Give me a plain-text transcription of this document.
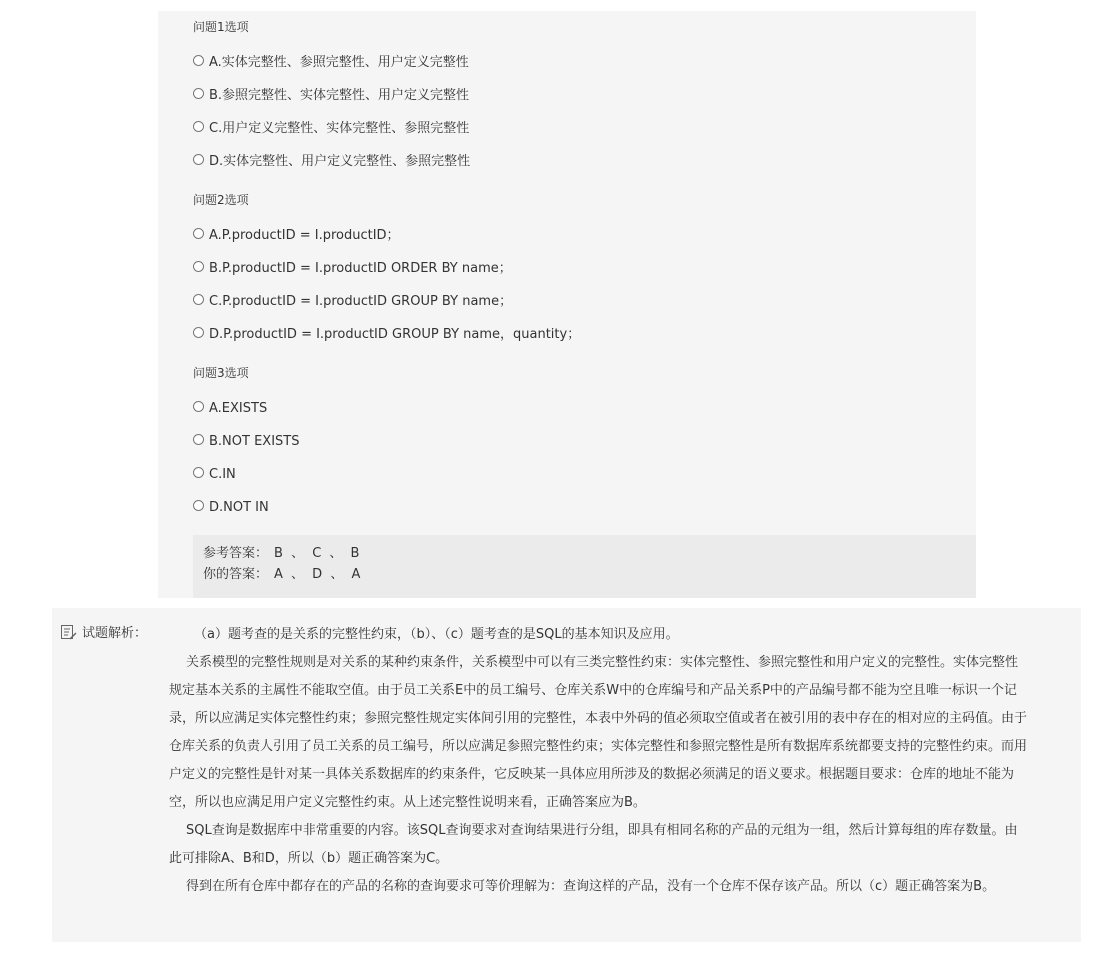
问题1选项
A.实体完整性、参照完整性、用户定义完整性
B.参照完整性、实体完整性、用户定义完整性
C.用户定义完整性、实体完整性、参照完整性
D.实体完整性、用户定义完整性、参照完整性
问题2选项
A.P.productID = I.productID；
B.P.productID = I.productID ORDER BY name；
C.P.productID = I.productID GROUP BY name；
D.P.productID = I.productID GROUP BY name，quantity；
问题3选项
A.EXISTS
B.NOT EXISTS
C.IN
D.NOT IN
参考答案： B 、 C 、 B
你的答案： A 、 D 、 A
试题解析：	（a）题考查的是关系的完整性约束，（b）、（c）题考查的是SQL的基本知识及应用。

关系模型的完整性规则是对关系的某种约束条件，关系模型中可以有三类完整性约束：实体完整性、参照完整性和用户定义的完整性。实体完整性规定基本关系的主属性不能取空值。由于员工关系E中的员工编号、仓库关系W中的仓库编号和产品关系P中的产品编号都不能为空且唯一标识一个记录，所以应满足实体完整性约束；参照完整性规定实体间引用的完整性，本表中外码的值必须取空值或者在被引用的表中存在的相对应的主码值。由于仓库关系的负责人引用了员工关系的员工编号，所以应满足参照完整性约束；实体完整性和参照完整性是所有数据库系统都要支持的完整性约束。而用户定义的完整性是针对某一具体关系数据库的约束条件，它反映某一具体应用所涉及的数据必须满足的语义要求。根据题目要求：仓库的地址不能为空，所以也应满足用户定义完整性约束。从上述完整性说明来看，正确答案应为B。

SQL查询是数据库中非常重要的内容。该SQL查询要求对查询结果进行分组，即具有相同名称的产品的元组为一组，然后计算每组的库存数量。由此可排除A、B和D，所以（b）题正确答案为C。

得到在所有仓库中都存在的产品的名称的查询要求可等价理解为：查询这样的产品，没有一个仓库不保存该产品。所以（c）题正确答案为B。
